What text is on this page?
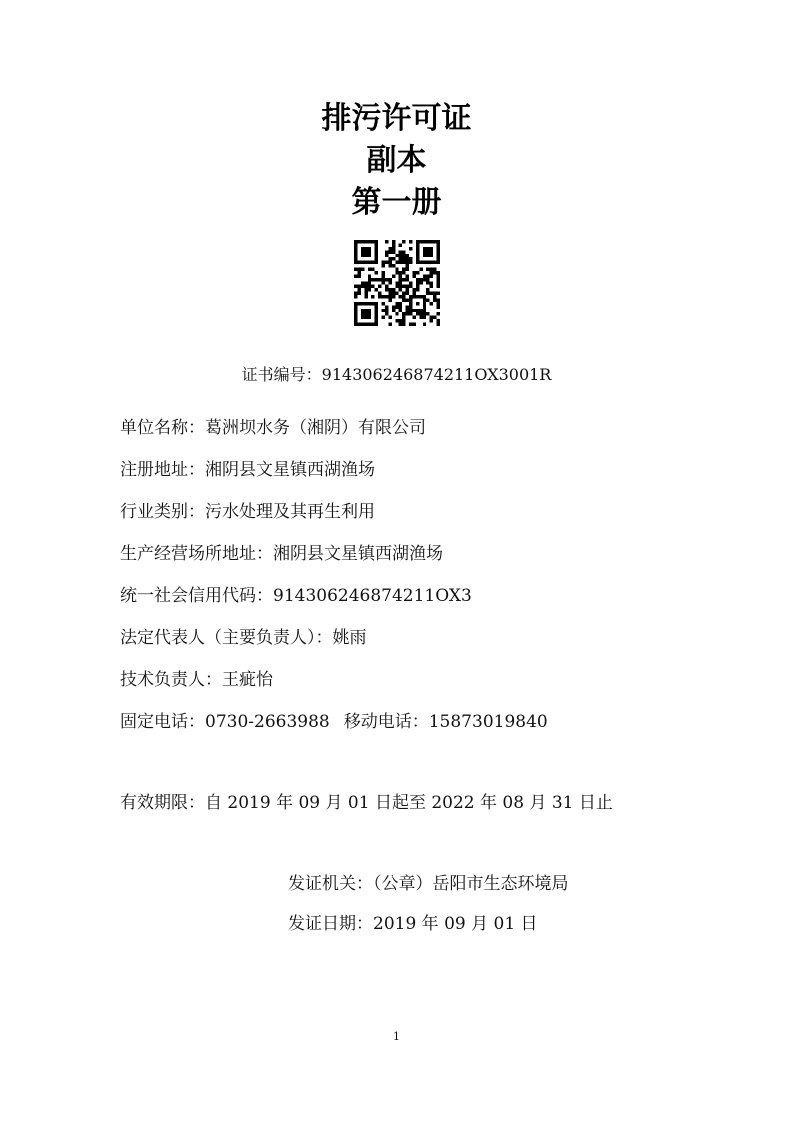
排污许可证
副本
第一册
证书编号：914306246874211OX3001R
单位名称：葛洲坝水务（湘阴）有限公司
注册地址：湘阴县文星镇西湖渔场
行业类别：污水处理及其再生利用
生产经营场所地址：湘阴县文星镇西湖渔场
统一社会信用代码：914306246874211OX3
法定代表人（主要负责人）：姚雨
技术负责人：王疵怡
固定电话：0730-2663988 移动电话：15873019840
有效期限：自 2019 年 09 月 01 日起至 2022 年 08 月 31 日止
发证机关：（公章）岳阳市生态环境局
发证日期：2019 年 09 月 01 日
1
